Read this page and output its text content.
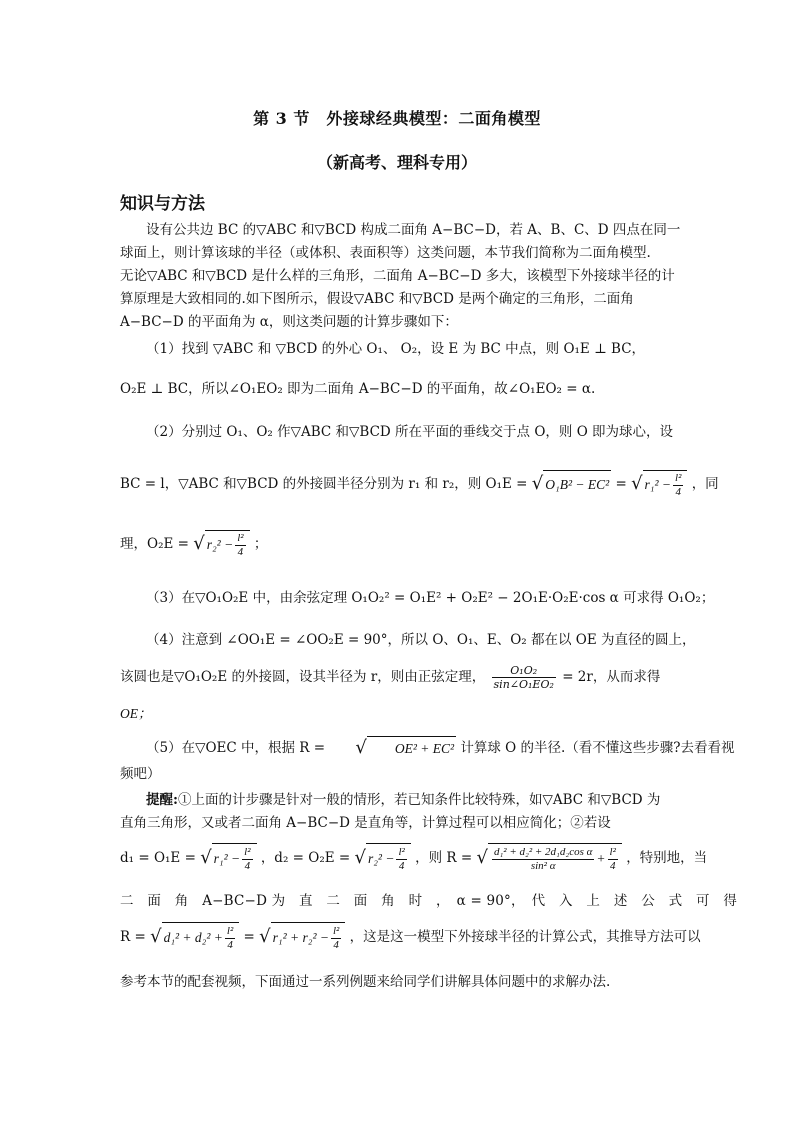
第 3 节　外接球经典模型：二面角模型
（新高考、理科专用）
知识与方法
设有公共边 BC 的▽ABC 和▽BCD 构成二面角 A−BC−D，若 A、B、C、D 四点在同一
球面上，则计算该球的半径（或体积、表面积等）这类问题，本节我们简称为二面角模型.
无论▽ABC 和▽BCD 是什么样的三角形，二面角 A−BC−D 多大，该模型下外接球半径的计
算原理是大致相同的.如下图所示，假设▽ABC 和▽BCD 是两个确定的三角形，二面角
A−BC−D 的平面角为 α，则这类问题的计算步骤如下：
（1）找到 ▽ABC 和 ▽BCD 的外心 O₁、 O₂，设 E 为 BC 中点，则 O₁E ⊥ BC，
O₂E ⊥ BC，所以∠O₁EO₂ 即为二面角 A−BC−D 的平面角，故∠O₁EO₂ = α.
（2）分别过 O₁、O₂ 作▽ABC 和▽BCD 所在平面的垂线交于点 O，则 O 即为球心，设
BC = l，▽ABC 和▽BCD 的外接圆半径分别为 r₁ 和 r₂，则 O₁E = √ O₁B² − EC² = √ $r_1^2 - \frac{\text{l²}}{4}$ ，同
理，O₂E = √ $r_2^2 - \frac{\text{l²}}{4}$ ；
（3）在▽O₁O₂E 中，由余弦定理 O₁O₂² = O₁E² + O₂E² − 2O₁E·O₂E·cos α 可求得 O₁O₂；
（4）注意到 ∠OO₁E = ∠OO₂E = 90°，所以 O、O₁、E、O₂ 都在以 OE 为直径的圆上，
该圆也是▽O₁O₂E 的外接圆，设其半径为 r，则由正弦定理， $\frac{\text{O₁O₂}}{\text{sin∠O₁EO₂}} = 2r$，从而求得
OE；
（5）在▽OEC 中，根据 R = √ OE² + EC² 计算球 O 的半径.（看不懂这些步骤?去看看视
频吧）
提醒:①上面的计步骤是针对一般的情形，若已知条件比较特殊，如▽ABC 和▽BCD 为
直角三角形，又或者二面角 A−BC−D 是直角等，计算过程可以相应简化；②若设
d₁ = O₁E = √ $r_1^2 - \frac{\text{l²}}{4}$ ，d₂ = O₂E = √ $r_2^2 - \frac{\text{l²}}{4}$ ，则 R = √ $\frac{\text{d₁² + d₂² + 2d₁d₂cos α}}{\text{sin² α}} + \frac{\text{l²}}{4}$ ，特别地，当
二　面　角　A−BC−D 为　直　二　面　角　时　，　α = 90°，　代　入　上　述　公　式　可　得
R = √ $d_1^2 + d_2^2 + \frac{\text{l²}}{4}$ = √ $r_1^2 + r_2^2 - \frac{\text{l²}}{4}$ ，这是这一模型下外接球半径的计算公式，其推导方法可以
参考本节的配套视频，下面通过一系列例题来给同学们讲解具体问题中的求解办法.
